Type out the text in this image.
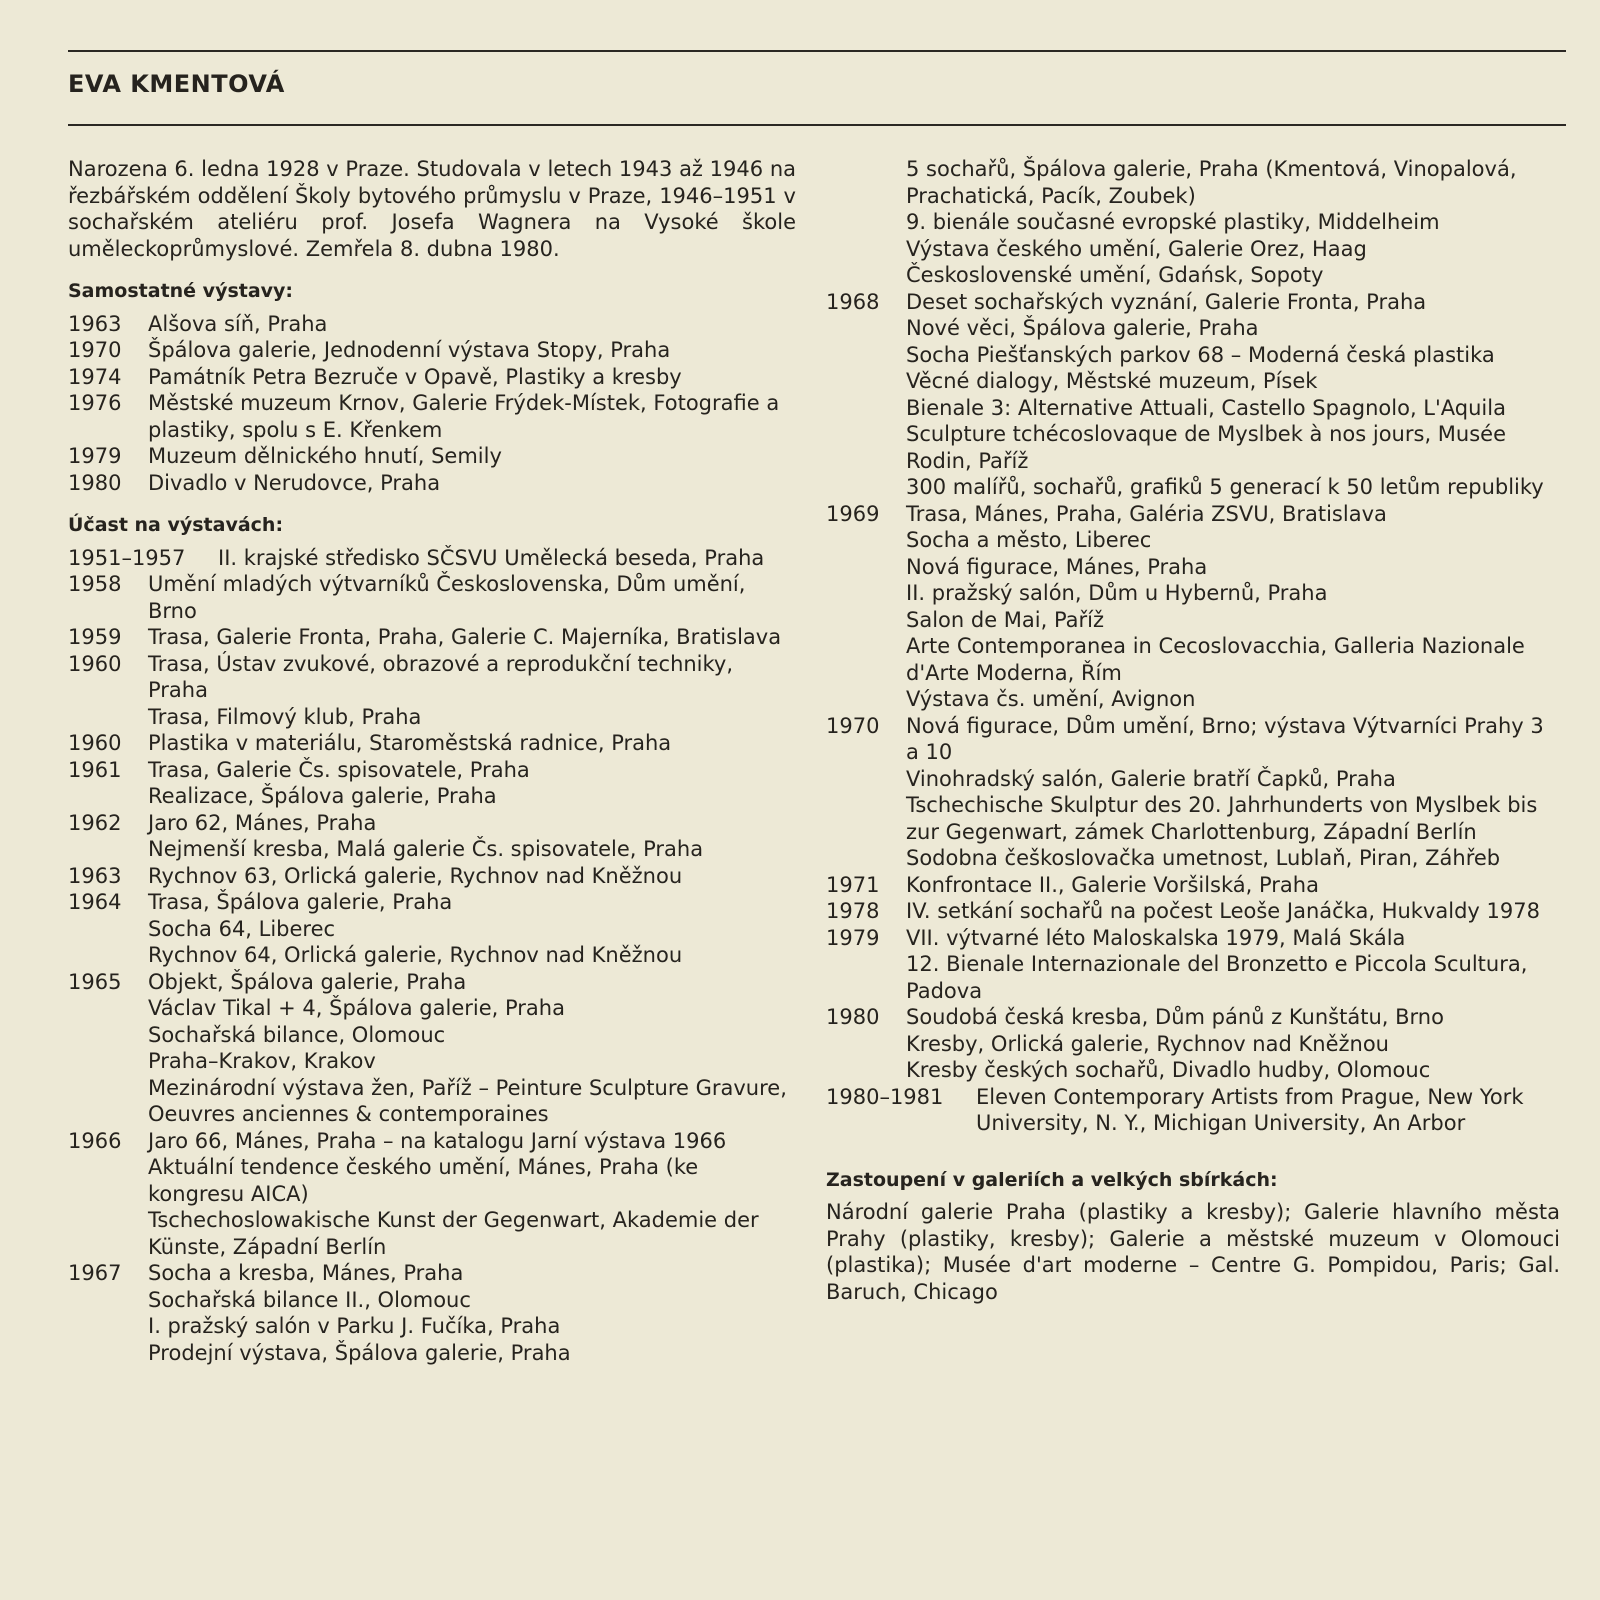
EVA KMENTOVÁ

Narozena 6. ledna 1928 v Praze. Studovala v letech 1943 až 1946 na řezbářském oddělení Školy bytového průmyslu v Praze, 1946–1951 v sochařském ateliéru prof. Josefa Wagnera na Vysoké škole uměleckoprůmyslové. Zemřela 8. dubna 1980.

Samostatné výstavy:
1963	Alšova síň, Praha
1970	Špálova galerie, Jednodenní výstava Stopy, Praha
1974	Památník Petra Bezruče v Opavě, Plastiky a kresby
1976	Městské muzeum Krnov, Galerie Frýdek-Místek, Fotografie a plastiky, spolu s E. Křenkem
1979	Muzeum dělnického hnutí, Semily
1980	Divadlo v Nerudovce, Praha
Účast na výstavách:
1951–1957	II. krajské středisko SČSVU Umělecká beseda, Praha
1958	Umění mladých výtvarníků Československa, Dům umění, Brno
1959	Trasa, Galerie Fronta, Praha, Galerie C. Majerníka, Bratislava
1960	Trasa, Ústav zvukové, obrazové a reprodukční techniky, Praha
Trasa, Filmový klub, Praha
1960	Plastika v materiálu, Staroměstská radnice, Praha
1961	Trasa, Galerie Čs. spisovatele, Praha
Realizace, Špálova galerie, Praha
1962	Jaro 62, Mánes, Praha
Nejmenší kresba, Malá galerie Čs. spisovatele, Praha
1963	Rychnov 63, Orlická galerie, Rychnov nad Kněžnou
1964	Trasa, Špálova galerie, Praha
Socha 64, Liberec
Rychnov 64, Orlická galerie, Rychnov nad Kněžnou
1965	Objekt, Špálova galerie, Praha
Václav Tikal + 4, Špálova galerie, Praha
Sochařská bilance, Olomouc
Praha–Krakov, Krakov
Mezinárodní výstava žen, Paříž – Peinture Sculpture Gravure, Oeuvres anciennes & contemporaines
1966	Jaro 66, Mánes, Praha – na katalogu Jarní výstava 1966
Aktuální tendence českého umění, Mánes, Praha (ke kongresu AICA)
Tschechoslowakische Kunst der Gegenwart, Akademie der Künste, Západní Berlín
1967	Socha a kresba, Mánes, Praha
Sochařská bilance II., Olomouc
I. pražský salón v Parku J. Fučíka, Praha
Prodejní výstava, Špálova galerie, Praha
5 sochařů, Špálova galerie, Praha (Kmentová, Vinopalová, Prachatická, Pacík, Zoubek)
9. bienále současné evropské plastiky, Middelheim
Výstava českého umění, Galerie Orez, Haag
Československé umění, Gdańsk, Sopoty
1968	Deset sochařských vyznání, Galerie Fronta, Praha
Nové věci, Špálova galerie, Praha
Socha Piešťanských parkov 68 – Moderná česká plastika
Věcné dialogy, Městské muzeum, Písek
Bienale 3: Alternative Attuali, Castello Spagnolo, L'Aquila
Sculpture tchécoslovaque de Myslbek à nos jours, Musée Rodin, Paříž
300 malířů, sochařů, grafiků 5 generací k 50 letům republiky
1969	Trasa, Mánes, Praha, Galéria ZSVU, Bratislava
Socha a město, Liberec
Nová figurace, Mánes, Praha
II. pražský salón, Dům u Hybernů, Praha
Salon de Mai, Paříž
Arte Contemporanea in Cecoslovacchia, Galleria Nazionale d'Arte Moderna, Řím
Výstava čs. umění, Avignon
1970	Nová figurace, Dům umění, Brno; výstava Výtvarníci Prahy 3 a 10
Vinohradský salón, Galerie bratří Čapků, Praha
Tschechische Skulptur des 20. Jahrhunderts von Myslbek bis zur Gegenwart, zámek Charlottenburg, Západní Berlín
Sodobna češkoslovačka umetnost, Lublaň, Piran, Záhřeb
1971	Konfrontace II., Galerie Voršilská, Praha
1978	IV. setkání sochařů na počest Leoše Janáčka, Hukvaldy 1978
1979	VII. výtvarné léto Maloskalska 1979, Malá Skála
12. Bienale Internazionale del Bronzetto e Piccola Scultura, Padova
1980	Soudobá česká kresba, Dům pánů z Kunštátu, Brno
Kresby, Orlická galerie, Rychnov nad Kněžnou
Kresby českých sochařů, Divadlo hudby, Olomouc
1980–1981	Eleven Contemporary Artists from Prague, New York University, N. Y., Michigan University, An Arbor
Zastoupení v galeriích a velkých sbírkách:

Národní galerie Praha (plastiky a kresby); Galerie hlavního města Prahy (plastiky, kresby); Galerie a městské muzeum v Olomouci (plastika); Musée d'art moderne – Centre G. Pompidou, Paris; Gal. Baruch, Chicago
